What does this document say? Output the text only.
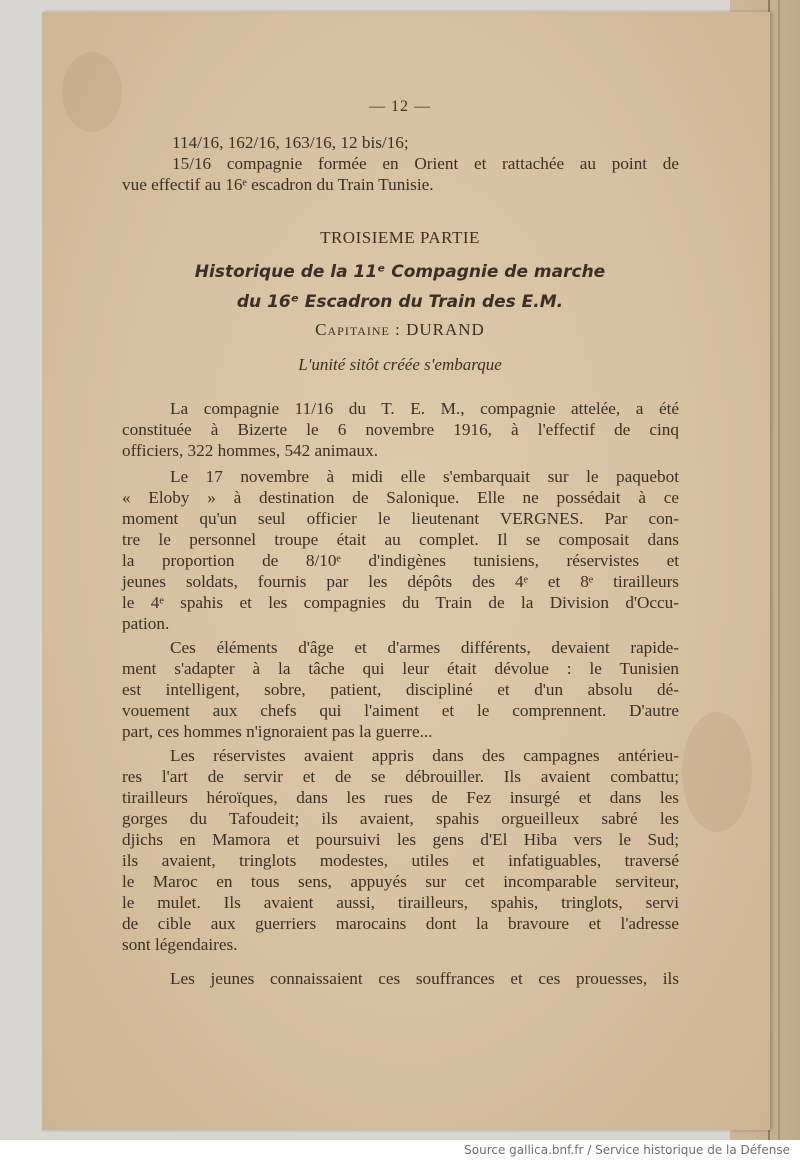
— 12 —
114/16, 162/16, 163/16, 12 bis/16;
15/16 compagnie formée en Orient et rattachée au point de
vue effectif au 16ᵉ escadron du Train Tunisie.
TROISIEME PARTIE
Historique de la 11ᵉ Compagnie de marche
du 16ᵉ Escadron du Train des E.M.
Capitaine : DURAND
L'unité sitôt créée s'embarque
La compagnie 11/16 du T. E. M., compagnie attelée, a été
constituée à Bizerte le 6 novembre 1916, à l'effectif de cinq
officiers, 322 hommes, 542 animaux.
Le 17 novembre à midi elle s'embarquait sur le paquebot
« Eloby » à destination de Salonique. Elle ne possédait à ce
moment qu'un seul officier le lieutenant VERGNES. Par con-
tre le personnel troupe était au complet. Il se composait dans
la proportion de 8/10ᵉ d'indigènes tunisiens, réservistes et
jeunes soldats, fournis par les dépôts des 4ᵉ et 8ᵉ tirailleurs
le 4ᵉ spahis et les compagnies du Train de la Division d'Occu-
pation.
Ces éléments d'âge et d'armes différents, devaient rapide-
ment s'adapter à la tâche qui leur était dévolue : le Tunisien
est intelligent, sobre, patient, discipliné et d'un absolu dé-
vouement aux chefs qui l'aiment et le comprennent. D'autre
part, ces hommes n'ignoraient pas la guerre...
Les réservistes avaient appris dans des campagnes antérieu-
res l'art de servir et de se débrouiller. Ils avaient combattu;
tirailleurs héroïques, dans les rues de Fez insurgé et dans les
gorges du Tafoudeit; ils avaient, spahis orgueilleux sabré les
djichs en Mamora et poursuivi les gens d'El Hiba vers le Sud;
ils avaient, tringlots modestes, utiles et infatiguables, traversé
le Maroc en tous sens, appuyés sur cet incomparable serviteur,
le mulet. Ils avaient aussi, tirailleurs, spahis, tringlots, servi
de cible aux guerriers marocains dont la bravoure et l'adresse
sont légendaires.
Les jeunes connaissaient ces souffrances et ces prouesses, ils
Source gallica.bnf.fr / Service historique de la Défense
